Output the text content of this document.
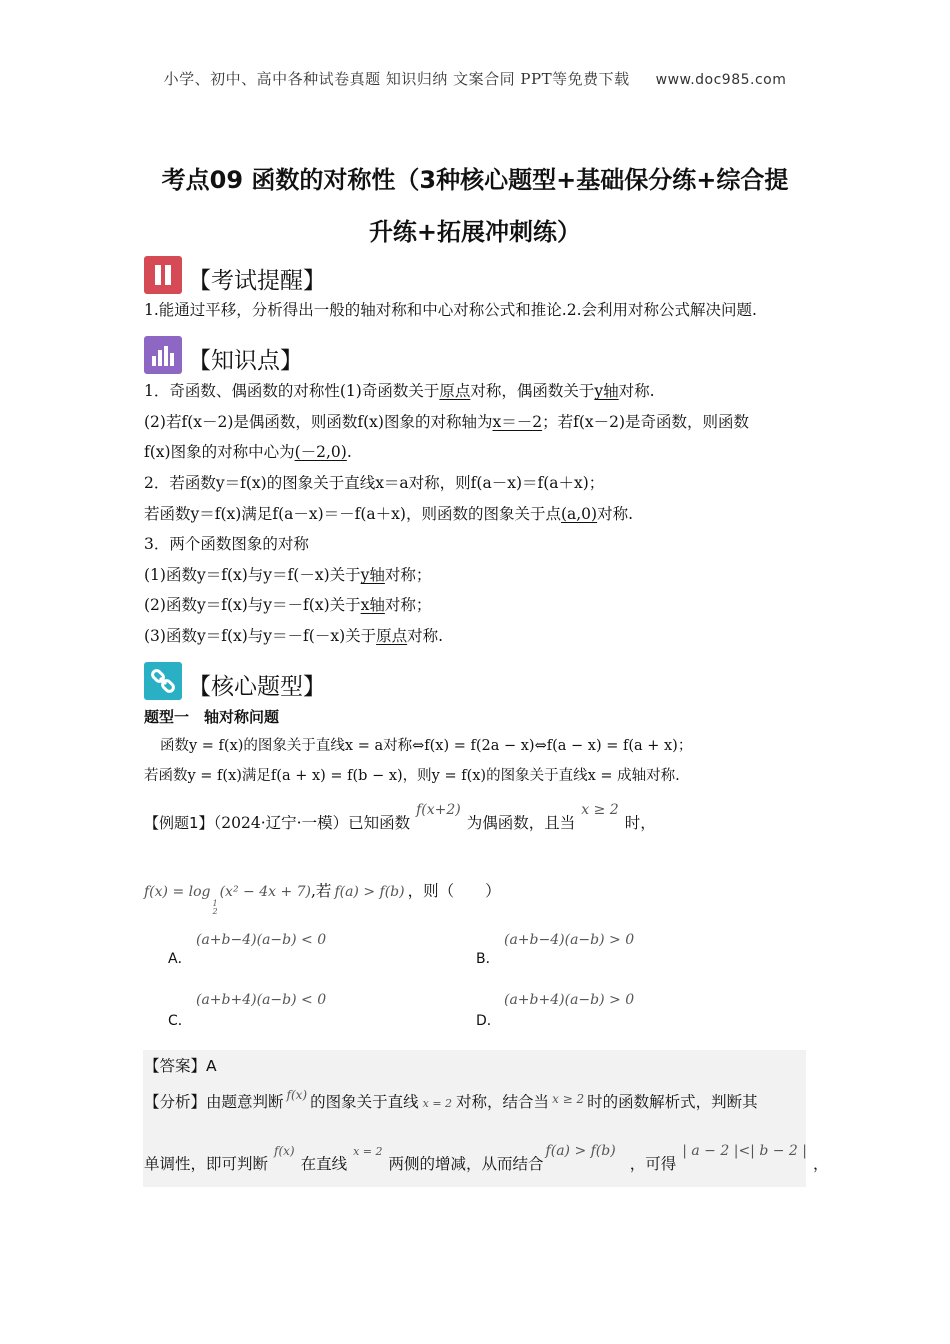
小学、初中、高中各种试卷真题 知识归纳 文案合同 PPT等免费下载 www.doc985.com
考点09 函数的对称性（3种核心题型+基础保分练+综合提
升练+拓展冲刺练）
【考试提醒】
1.能通过平移，分析得出一般的轴对称和中心对称公式和推论.2.会利用对称公式解决问题.
【知识点】
1．奇函数、偶函数的对称性(1)奇函数关于原点对称，偶函数关于y轴对称.
(2)若f(x－2)是偶函数，则函数f(x)图象的对称轴为x＝－2；若f(x－2)是奇函数，则函数
f(x)图象的对称中心为(－2,0).
2．若函数y＝f(x)的图象关于直线x＝a对称，则f(a－x)＝f(a＋x)；
若函数y＝f(x)满足f(a－x)＝－f(a＋x)，则函数的图象关于点(a,0)对称.
3．两个函数图象的对称
(1)函数y＝f(x)与y＝f(－x)关于y轴对称；
(2)函数y＝f(x)与y＝－f(x)关于x轴对称；
(3)函数y＝f(x)与y＝－f(－x)关于原点对称.
【核心题型】
题型一　轴对称问题
函数y = f(x)的图象关于直线x = a对称⇔f(x) = f(2a − x)⇔f(a − x) = f(a + x)；
若函数y = f(x)满足f(a + x) = f(b − x)，则y = f(x)的图象关于直线x = 成轴对称.
【例题1】（2024·辽宁·一模）已知函数f(x+2)为偶函数，且当x ≥ 2时，
f(x) = log
1
2
(x² − 4x + 7),若 f(a) > f(b) ，则（　　）
A．
(a+b−4)(a−b) < 0
B．
(a+b−4)(a−b) > 0
C．
(a+b+4)(a−b) < 0
D．
(a+b+4)(a−b) > 0
【答案】A
【分析】由题意判断 $^{f(x)}$ 的图象关于直线 x = 2 对称，结合当 $^{x \ge 2}$ 时的函数解析式，判断其
单调性，即可判断$^{f(x)}$在直线$^{x = 2}$两侧的增减，从而结合f(a) > f(b)，可得| a − 2 |<| b − 2 |，
